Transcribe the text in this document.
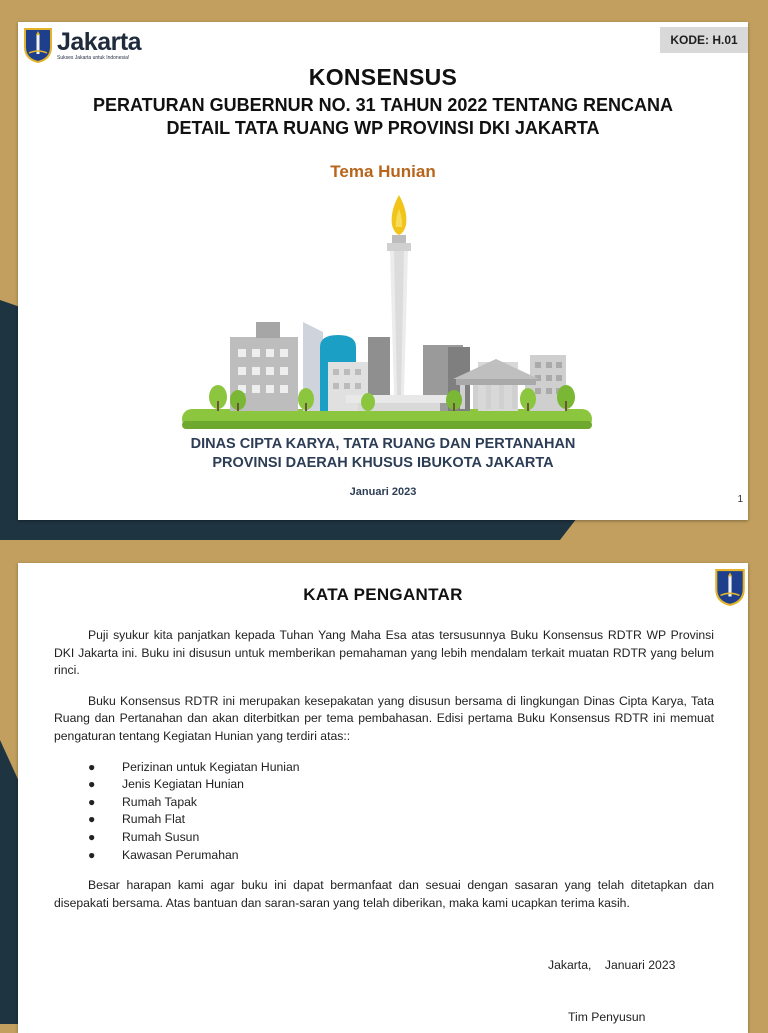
Jakarta
Sukses Jakarta untuk Indonesia!
KODE: H.01
KONSENSUS
PERATURAN GUBERNUR NO. 31 TAHUN 2022 TENTANG RENCANA
DETAIL TATA RUANG WP PROVINSI DKI JAKARTA
Tema Hunian
DINAS CIPTA KARYA, TATA RUANG DAN PERTANAHAN
PROVINSI DAERAH KHUSUS IBUKOTA JAKARTA
Januari 2023
1
KATA PENGANTAR

Puji syukur kita panjatkan kepada Tuhan Yang Maha Esa atas tersusunnya Buku Konsensus RDTR WP Provinsi DKI Jakarta ini. Buku ini disusun untuk memberikan pemahaman yang lebih mendalam terkait muatan RDTR yang belum rinci.

Buku Konsensus RDTR ini merupakan kesepakatan yang disusun bersama di lingkungan Dinas Cipta Karya, Tata Ruang dan Pertanahan dan akan diterbitkan per tema pembahasan. Edisi pertama Buku Konsensus RDTR ini memuat pengaturan tentang Kegiatan Hunian yang terdiri atas::

● Perizinan untuk Kegiatan Hunian
● Jenis Kegiatan Hunian
● Rumah Tapak
● Rumah Flat
● Rumah Susun
● Kawasan Perumahan

Besar harapan kami agar buku ini dapat bermanfaat dan sesuai dengan sasaran yang telah ditetapkan dan disepakati bersama. Atas bantuan dan saran-saran yang telah diberikan, maka kami ucapkan terima kasih.

Jakarta, Januari 2023
Tim Penyusun
